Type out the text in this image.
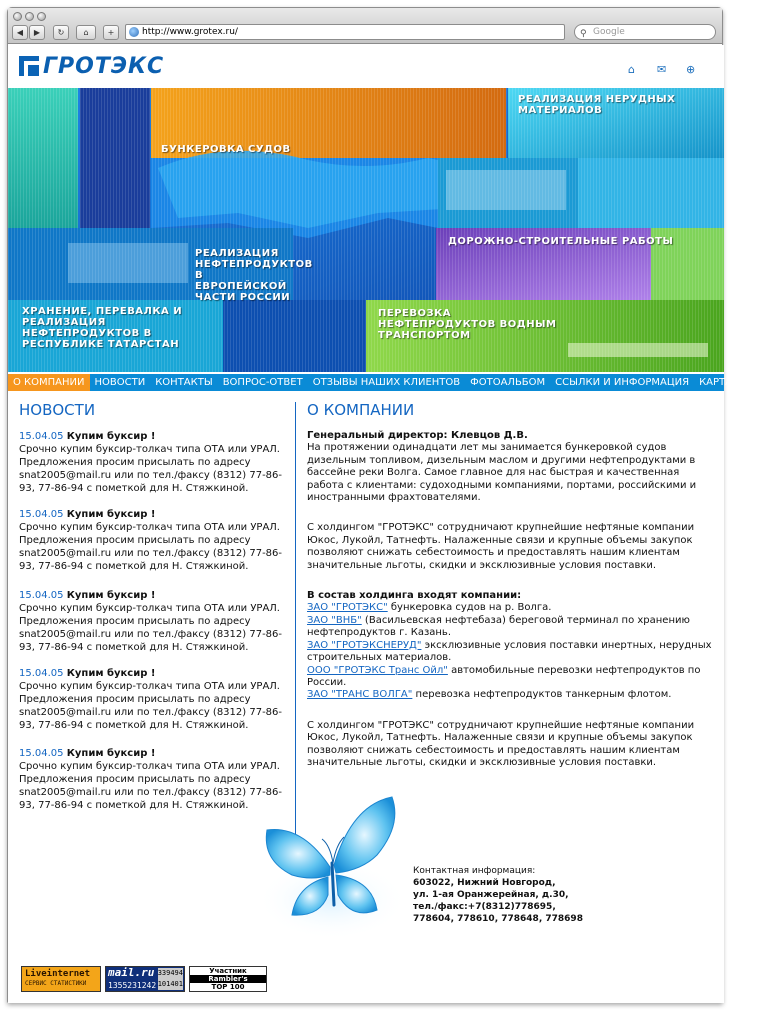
◀	▶	↻	⌂	+	http://www.grotex.ru/	⚲ Google
ГРОТЭКС	⌂ ✉ ⊕
БУНКЕРОВКА СУДОВ
РЕАЛИЗАЦИЯ НЕРУДНЫХ МАТЕРИАЛОВ
ДОРОЖНО-СТРОИТЕЛЬНЫЕ РАБОТЫ
РЕАЛИЗАЦИЯ НЕФТЕПРОДУКТОВ В ЕВРОПЕЙСКОЙ ЧАСТИ РОССИИ
ХРАНЕНИЕ, ПЕРЕВАЛКА И РЕАЛИЗАЦИЯ НЕФТЕПРОДУКТОВ В РЕСПУБЛИКЕ ТАТАРСТАН
ПЕРЕВОЗКА НЕФТЕПРОДУКТОВ ВОДНЫМ ТРАНСПОРТОМ
О КОМПАНИИ	НОВОСТИ	КОНТАКТЫ	ВОПРОС-ОТВЕТ	ОТЗЫВЫ НАШИХ КЛИЕНТОВ	ФОТОАЛЬБОМ	ССЫЛКИ И ИНФОРМАЦИЯ	КАРТА САЙТА
НОВОСТИ	О КОМПАНИИ
15.04.05 Купим буксир !
Срочно купим буксир-толкач типа ОТА или УРАЛ. Предложения просим присылать по адресу snat2005@mail.ru или по тел./факсу (8312) 77-86-93, 77-86-94 с пометкой для Н. Стяжкиной.
15.04.05 Купим буксир !
Срочно купим буксир-толкач типа ОТА или УРАЛ. Предложения просим присылать по адресу snat2005@mail.ru или по тел./факсу (8312) 77-86-93, 77-86-94 с пометкой для Н. Стяжкиной.
15.04.05 Купим буксир !
Срочно купим буксир-толкач типа ОТА или УРАЛ. Предложения просим присылать по адресу snat2005@mail.ru или по тел./факсу (8312) 77-86-93, 77-86-94 с пометкой для Н. Стяжкиной.
15.04.05 Купим буксир !
Срочно купим буксир-толкач типа ОТА или УРАЛ. Предложения просим присылать по адресу snat2005@mail.ru или по тел./факсу (8312) 77-86-93, 77-86-94 с пометкой для Н. Стяжкиной.
15.04.05 Купим буксир !
Срочно купим буксир-толкач типа ОТА или УРАЛ. Предложения просим присылать по адресу snat2005@mail.ru или по тел./факсу (8312) 77-86-93, 77-86-94 с пометкой для Н. Стяжкиной.

Генеральный директор: Клевцов Д.В.
На протяжении одинадцати лет мы занимается бункеровкой судов дизельным топливом, дизельным маслом и другими нефтепродуктами в бассейне реки Волга. Самое главное для нас быстрая и качественная работа с клиентами: судоходными компаниями, портами, российскими и иностранными фрахтователями.

С холдингом "ГРОТЭКС" сотрудничают крупнейшие нефтяные компании Юкос, Лукойл, Татнефть. Налаженные связи и крупные объемы закупок позволяют снижать себестоимость и предоставлять нашим клиентам значительные льготы, скидки и эксклюзивные условия поставки.

В состав холдинга входят компании:
ЗАО "ГРОТЭКС" бункеровка судов на р. Волга.
ЗАО "ВНБ" (Васильевская нефтебаза) береговой терминал по хранению нефтепродуктов г. Казань.
ЗАО "ГРОТЭКСНЕРУД" эксклюзивные условия поставки инертных, нерудных строительных материалов.
ООО "ГРОТЭКС Транс Ойл" автомобильные перевозки нефтепродуктов по России.
ЗАО "ТРАНС ВОЛГА" перевозка нефтепродуктов танкерным флотом.

С холдингом "ГРОТЭКС" сотрудничают крупнейшие нефтяные компании Юкос, Лукойл, Татнефть. Налаженные связи и крупные объемы закупок позволяют снижать себестоимость и предоставлять нашим клиентам значительные льготы, скидки и эксклюзивные условия поставки.

Контактная информация:
603022, Нижний Новгород,
ул. 1-ая Оранжерейная, д.30,
тел./факс:+7(8312)778695,
778604, 778610, 778648, 778698
Liveinternet
СЕРВИС СТАТИСТИКИ
mail.ru
1355231242
339494
101401
Участник
Rambler's
TOP 100
